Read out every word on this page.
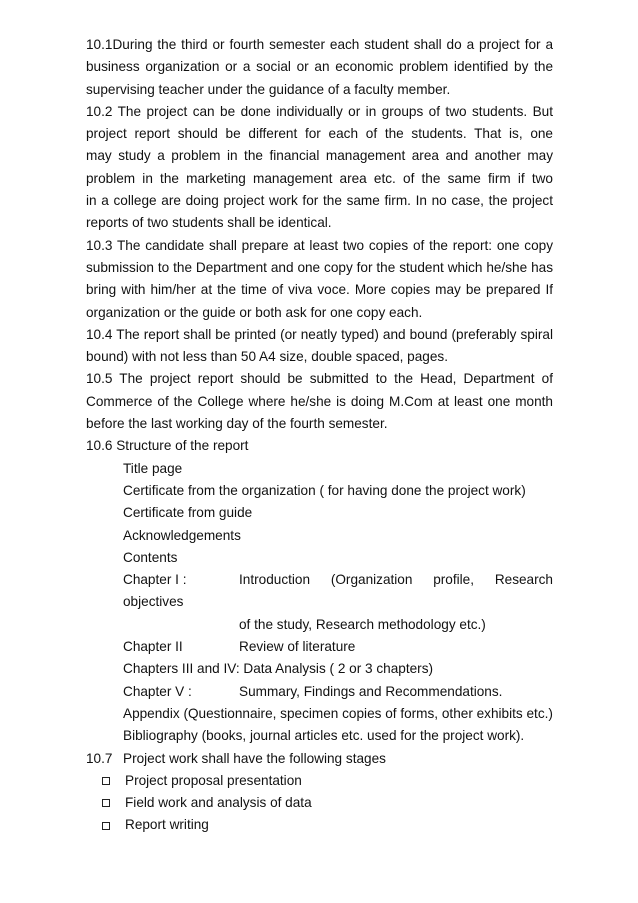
10.1During the third or fourth semester each student shall do a project for a
business organization or a social or an economic problem identified by the
supervising teacher under the guidance of a faculty member.
10.2 The project can be done individually or in groups of two students. But
project report should be different for each of the students. That is, one
may study a problem in the financial management area and another may
problem in the marketing management area etc. of the same firm if two
in a college are doing project work for the same firm. In no case, the project
reports of two students shall be identical.
10.3 The candidate shall prepare at least two copies of the report: one copy
submission to the Department and one copy for the student which he/she has
bring with him/her at the time of viva voce. More copies may be prepared If
organization or the guide or both ask for one copy each.
10.4 The report shall be printed (or neatly typed) and bound (preferably spiral
bound) with not less than 50 A4 size, double spaced, pages.
10.5 The project report should be submitted to the Head, Department of
Commerce of the College where he/she is doing M.Com at least one month
before the last working day of the fourth semester.
10.6 Structure of the report
Title page
Certificate from the organization ( for having done the project work)
Certificate from guide
Acknowledgements
Contents
Chapter I :	Introduction (Organization profile, Research
objectives
of the study, Research methodology etc.)
Chapter II	Review of literature
Chapters III and IV: Data Analysis ( 2 or 3 chapters)
Chapter V :	Summary, Findings and Recommendations.
Appendix (Questionnaire, specimen copies of forms, other exhibits etc.)
Bibliography (books, journal articles etc. used for the project work).
10.7 Project work shall have the following stages
Project proposal presentation
Field work and analysis of data
Report writing
